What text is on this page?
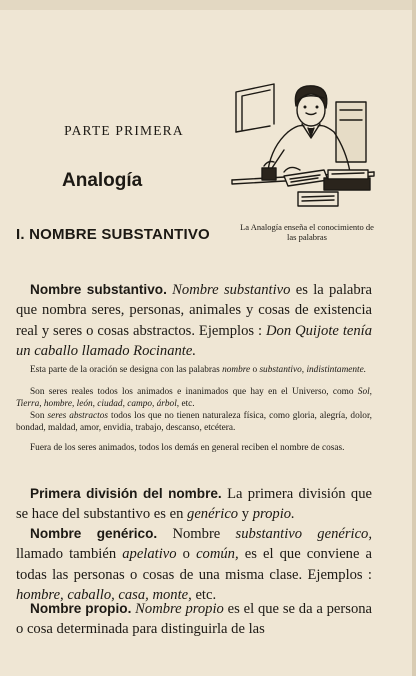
PARTE PRIMERA
Analogía
I. NOMBRE SUBSTANTIVO	La Analogía enseña el conocimiento de las palabras

Nombre substantivo. Nombre substantivo es la palabra que nombra seres, personas, animales y cosas de existencia real y seres o cosas abstractos. Ejemplos : Don Quijote tenía un caballo llamado Rocinante.

Esta parte de la oración se designa con las palabras nombre o substantivo, indistintamente.

Son seres reales todos los animados e inanimados que hay en el Universo, como Sol, Tierra, hombre, león, ciudad, campo, árbol, etc.

Son seres abstractos todos los que no tienen naturaleza física, como gloria, alegría, dolor, bondad, maldad, amor, envidia, trabajo, descanso, etcétera.

Fuera de los seres animados, todos los demás en general reciben el nombre de cosas.

Primera división del nombre. La primera división que se hace del substantivo es en genérico y propio.

Nombre genérico. Nombre substantivo genérico, llamado también apelativo o común, es el que conviene a todas las personas o cosas de una misma clase. Ejemplos : hombre, caballo, casa, monte, etc.

Nombre propio. Nombre propio es el que se da a persona o cosa determinada para distinguirla de las
